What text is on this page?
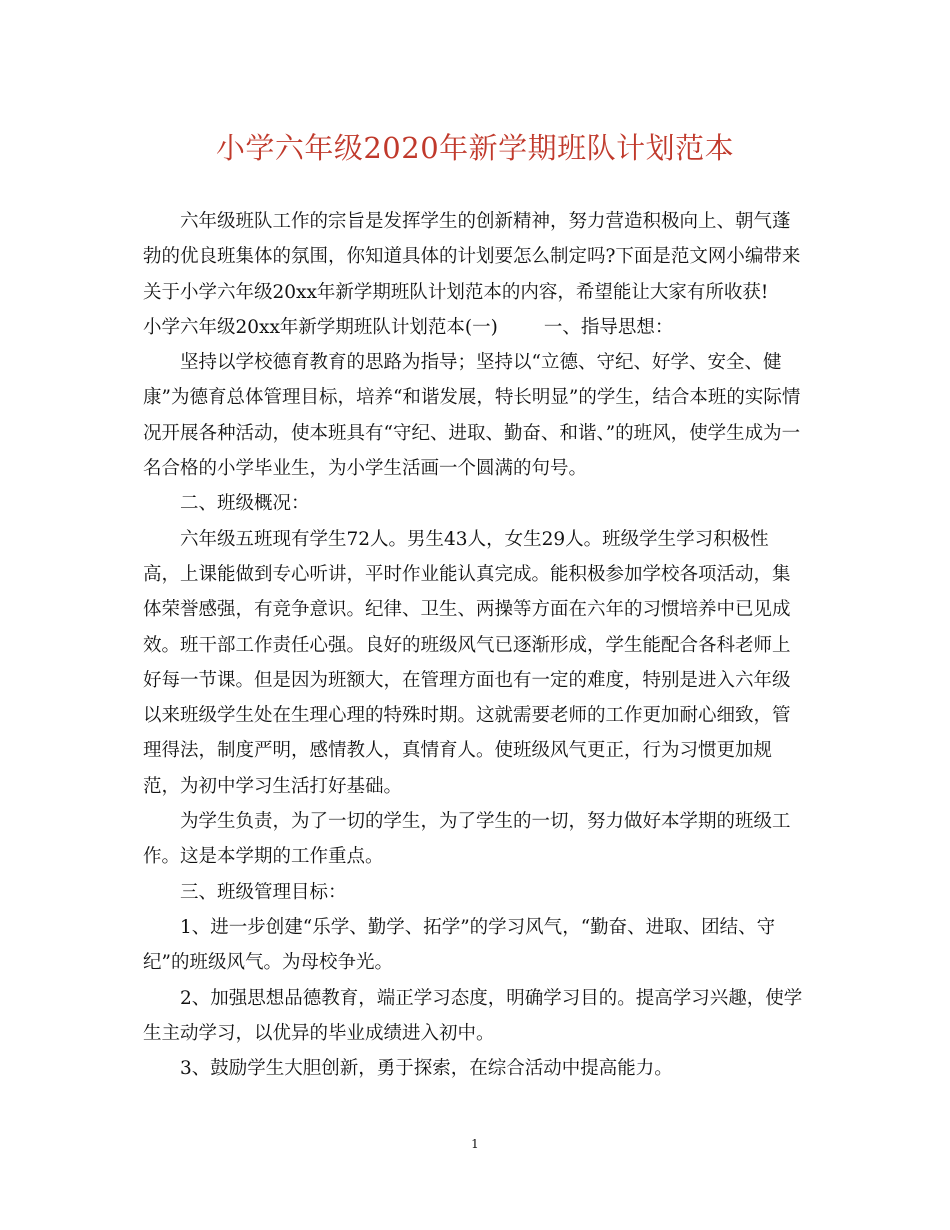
小学六年级2020年新学期班队计划范本

六年级班队工作的宗旨是发挥学生的创新精神，努力营造积极向上、朝气蓬
勃的优良班集体的氛围，你知道具体的计划要怎么制定吗?下面是范文网小编带来
关于小学六年级20xx年新学期班队计划范本的内容，希望能让大家有所收获!

小学六年级20xx年新学期班队计划范本(一) 一、指导思想：

坚持以学校德育教育的思路为指导；坚持以“立德、守纪、好学、安全、健
康”为德育总体管理目标，培养“和谐发展，特长明显”的学生，结合本班的实际情
况开展各种活动，使本班具有“守纪、进取、勤奋、和谐、”的班风，使学生成为一
名合格的小学毕业生，为小学生活画一个圆满的句号。

二、班级概况：

六年级五班现有学生72人。男生43人，女生29人。班级学生学习积极性
高，上课能做到专心听讲，平时作业能认真完成。能积极参加学校各项活动，集
体荣誉感强，有竞争意识。纪律、卫生、两操等方面在六年的习惯培养中已见成
效。班干部工作责任心强。良好的班级风气已逐渐形成，学生能配合各科老师上
好每一节课。但是因为班额大，在管理方面也有一定的难度，特别是进入六年级
以来班级学生处在生理心理的特殊时期。这就需要老师的工作更加耐心细致，管
理得法，制度严明，感情教人，真情育人。使班级风气更正，行为习惯更加规
范，为初中学习生活打好基础。

为学生负责，为了一切的学生，为了学生的一切，努力做好本学期的班级工
作。这是本学期的工作重点。

三、班级管理目标：

1、进一步创建“乐学、勤学、拓学”的学习风气，“勤奋、进取、团结、守
纪”的班级风气。为母校争光。

2、加强思想品德教育，端正学习态度，明确学习目的。提高学习兴趣，使学
生主动学习，以优异的毕业成绩进入初中。

3、鼓励学生大胆创新，勇于探索，在综合活动中提高能力。

1
